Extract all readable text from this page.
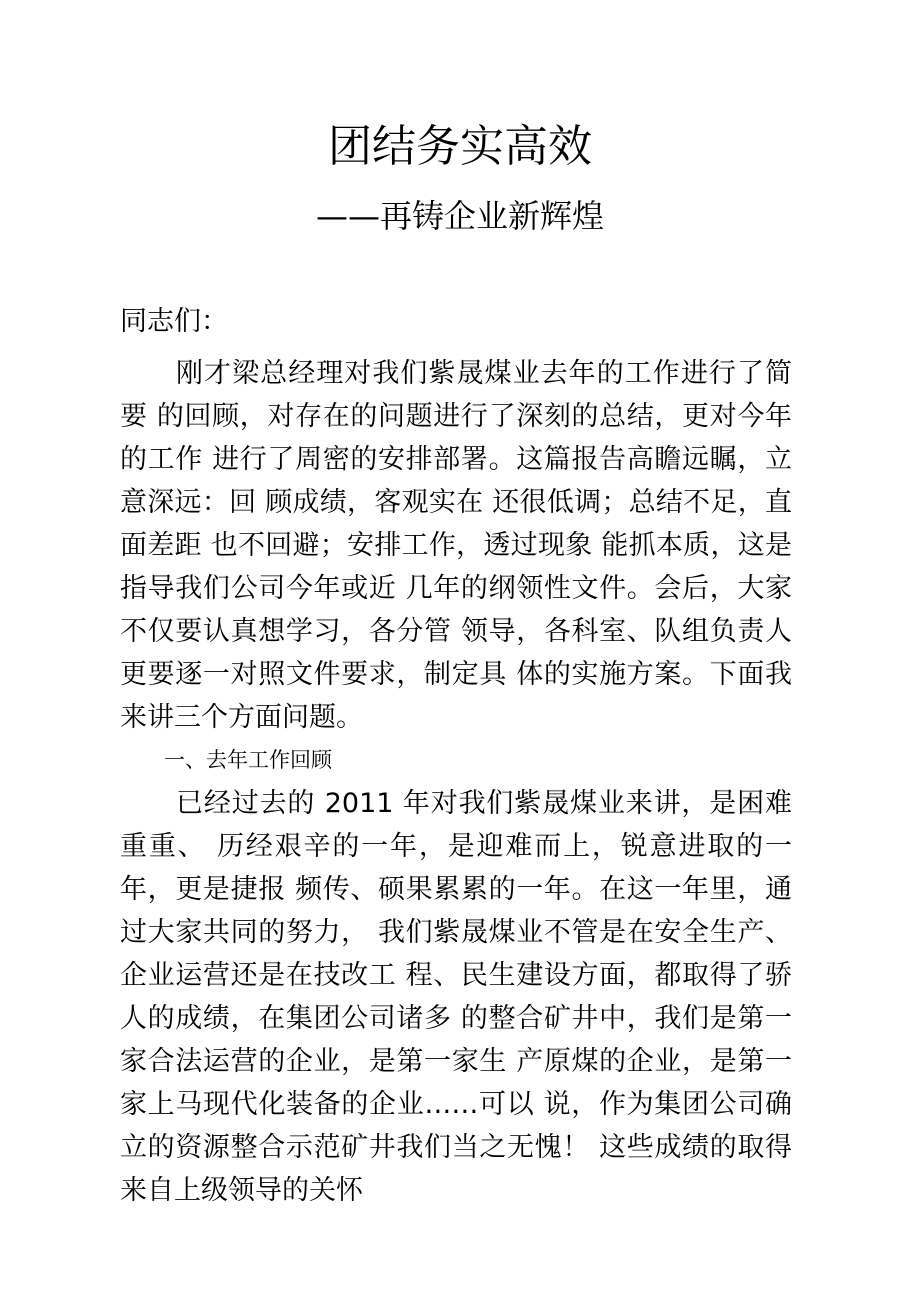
团结务实高效
——再铸企业新辉煌
同志们：

刚才梁总经理对我们紫晟煤业去年的工作进行了简要 的回顾，对存在的问题进行了深刻的总结，更对今年的工作 进行了周密的安排部署。这篇报告高瞻远瞩，立意深远：回 顾成绩，客观实在 还很低调；总结不足，直面差距 也不回避；安排工作，透过现象 能抓本质，这是指导我们公司今年或近 几年的纲领性文件。会后，大家不仅要认真想学习，各分管 领导，各科室、队组负责人更要逐一对照文件要求，制定具 体的实施方案。下面我 来讲三个方面问题。

一、去年工作回顾

已经过去的 2011 年对我们紫晟煤业来讲，是困难重重、 历经艰辛的一年，是迎难而上，锐意进取的一年，更是捷报 频传、硕果累累的一年。在这一年里，通过大家共同的努力， 我们紫晟煤业不管是在安全生产、企业运营还是在技改工 程、民生建设方面，都取得了骄人的成绩，在集团公司诸多 的整合矿井中，我们是第一家合法运营的企业，是第一家生 产原煤的企业，是第一家上马现代化装备的企业……可以 说，作为集团公司确立的资源整合示范矿井我们当之无愧！ 这些成绩的取得来自上级领导的关怀
